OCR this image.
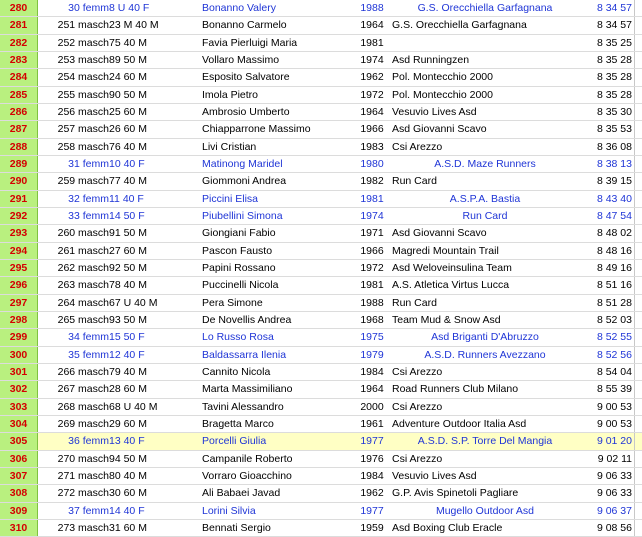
280	30 femm 8 U 40 F	Bonanno Valery	1988	G.S. Orecchiella Garfagnana	8 34 57
281	251 masch 23 M 40 M	Bonanno Carmelo	1964 G.S. Orecchiella Garfagnana	8 34 57
282	252 masch 75 40 M	Favia Pierluigi Maria	1981	8 35 25
283	253 masch 89 50 M	Vollaro Massimo	1974 Asd Runningzen	8 35 28
284	254 masch 24 60 M	Esposito Salvatore	1962 Pol. Montecchio 2000	8 35 28
285	255 masch 90 50 M	Imola Pietro	1972 Pol. Montecchio 2000	8 35 28
286	256 masch 25 60 M	Ambrosio Umberto	1964 Vesuvio Lives Asd	8 35 30
287	257 masch 26 60 M	Chiapparrone Massimo	1966 Asd Giovanni Scavo	8 35 53
288	258 masch 76 40 M	Livi Cristian	1983 Csi Arezzo	8 36 08
289	31 femm 10 40 F	Matinong Maridel	1980	A.S.D. Maze Runners	8 38 13
290	259 masch 77 40 M	Giommoni Andrea	1982 Run Card	8 39 15
291	32 femm 11 40 F	Piccini Elisa	1981	A.S.P.A. Bastia	8 43 40
292	33 femm 14 50 F	Piubellini Simona	1974	Run Card	8 47 54
293	260 masch 91 50 M	Giongiani Fabio	1971 Asd Giovanni Scavo	8 48 02
294	261 masch 27 60 M	Pascon Fausto	1966 Magredi Mountain Trail	8 48 16
295	262 masch 92 50 M	Papini Rossano	1972 Asd Weloveinsulina Team	8 49 16
296	263 masch 78 40 M	Puccinelli Nicola	1981 A.S. Atletica Virtus Lucca	8 51 16
297	264 masch 67 U 40 M	Pera Simone	1988 Run Card	8 51 28
298	265 masch 93 50 M	De Novellis Andrea	1968 Team Mud & Snow Asd	8 52 03
299	34 femm 15 50 F	Lo Russo Rosa	1975	Asd Briganti D'Abruzzo	8 52 55
300	35 femm 12 40 F	Baldassarra Ilenia	1979	A.S.D. Runners Avezzano	8 52 56
301	266 masch 79 40 M	Cannito Nicola	1984 Csi Arezzo	8 54 04
302	267 masch 28 60 M	Marta Massimiliano	1964 Road Runners Club Milano	8 55 39
303	268 masch 68 U 40 M	Tavini Alessandro	2000 Csi Arezzo	9 00 53
304	269 masch 29 60 M	Bragetta Marco	1961 Adventure Outdoor Italia Asd	9 00 53
305	36 femm 13 40 F	Porcelli Giulia	1977	A.S.D. S.P. Torre Del Mangia	9 01 20
306	270 masch 94 50 M	Campanile Roberto	1976 Csi Arezzo	9 02 11
307	271 masch 80 40 M	Vorraro Gioacchino	1984 Vesuvio Lives Asd	9 06 33
308	272 masch 30 60 M	Ali Babaei Javad	1962 G.P. Avis Spinetoli Pagliare	9 06 33
309	37 femm 14 40 F	Lorini Silvia	1977	Mugello Outdoor Asd	9 06 37
310	273 masch 31 60 M	Bennati Sergio	1959 Asd Boxing Club Eracle	9 08 56
